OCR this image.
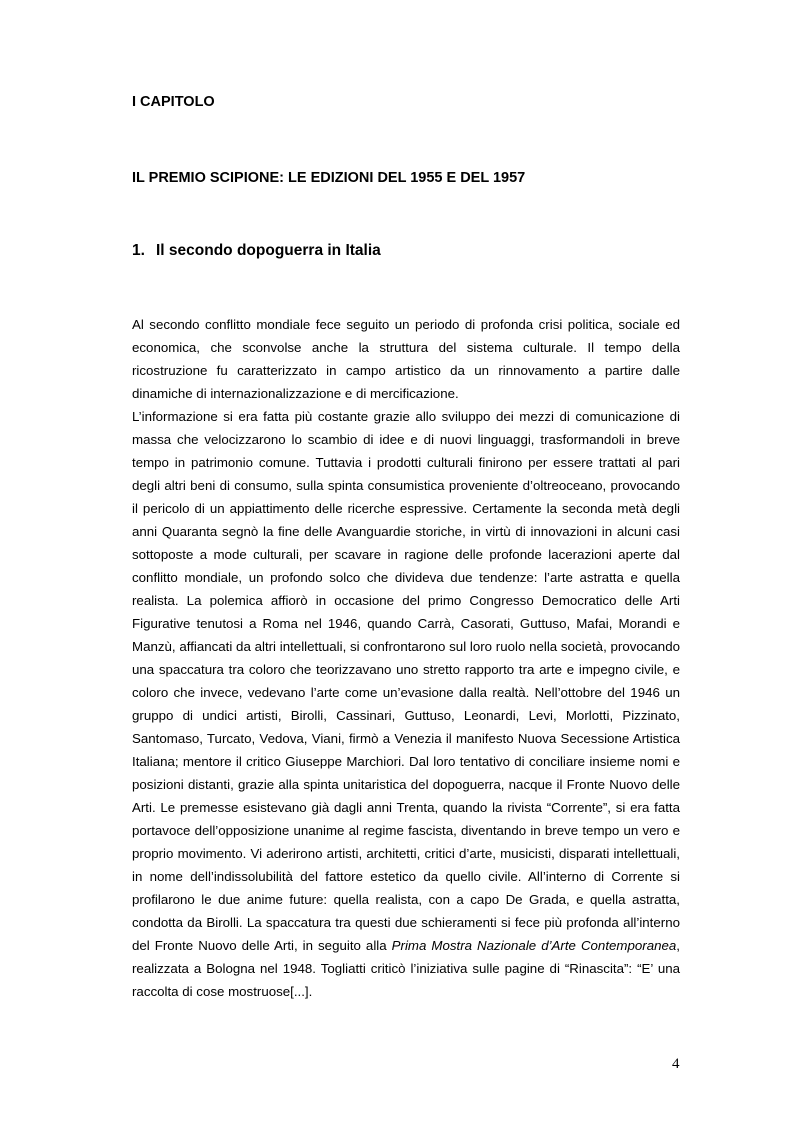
I CAPITOLO
IL PREMIO SCIPIONE: LE EDIZIONI DEL 1955 E DEL 1957
1. Il secondo dopoguerra in Italia

Al secondo conflitto mondiale fece seguito un periodo di profonda crisi politica, sociale ed economica, che sconvolse anche la struttura del sistema culturale. Il tempo della ricostruzione fu caratterizzato in campo artistico da un rinnovamento a partire dalle dinamiche di internazionalizzazione e di mercificazione.

L’informazione si era fatta più costante grazie allo sviluppo dei mezzi di comunicazione di massa che velocizzarono lo scambio di idee e di nuovi linguaggi, trasformandoli in breve tempo in patrimonio comune. Tuttavia i prodotti culturali finirono per essere trattati al pari degli altri beni di consumo, sulla spinta consumistica proveniente d’oltreoceano, provocando il pericolo di un appiattimento delle ricerche espressive. Certamente la seconda metà degli anni Quaranta segnò la fine delle Avanguardie storiche, in virtù di innovazioni in alcuni casi sottoposte a mode culturali, per scavare in ragione delle profonde lacerazioni aperte dal conflitto mondiale, un profondo solco che divideva due tendenze: l’arte astratta e quella realista. La polemica affiorò in occasione del primo Congresso Democratico delle Arti Figurative tenutosi a Roma nel 1946, quando Carrà, Casorati, Guttuso, Mafai, Morandi e Manzù, affiancati da altri intellettuali, si confrontarono sul loro ruolo nella società, provocando una spaccatura tra coloro che teorizzavano uno stretto rapporto tra arte e impegno civile, e coloro che invece, vedevano l’arte come un’evasione dalla realtà. Nell’ottobre del 1946 un gruppo di undici artisti, Birolli, Cassinari, Guttuso, Leonardi, Levi, Morlotti, Pizzinato, Santomaso, Turcato, Vedova, Viani, firmò a Venezia il manifesto Nuova Secessione Artistica Italiana; mentore il critico Giuseppe Marchiori. Dal loro tentativo di conciliare insieme nomi e posizioni distanti, grazie alla spinta unitaristica del dopoguerra, nacque il Fronte Nuovo delle Arti. Le premesse esistevano già dagli anni Trenta, quando la rivista “Corrente”, si era fatta portavoce dell’opposizione unanime al regime fascista, diventando in breve tempo un vero e proprio movimento. Vi aderirono artisti, architetti, critici d’arte, musicisti, disparati intellettuali, in nome dell’indissolubilità del fattore estetico da quello civile. All’interno di Corrente si profilarono le due anime future: quella realista, con a capo De Grada, e quella astratta, condotta da Birolli. La spaccatura tra questi due schieramenti si fece più profonda all’interno del Fronte Nuovo delle Arti, in seguito alla Prima Mostra Nazionale d’Arte Contemporanea, realizzata a Bologna nel 1948. Togliatti criticò l’iniziativa sulle pagine di “Rinascita”: “E’ una raccolta di cose mostruose[...].

4
